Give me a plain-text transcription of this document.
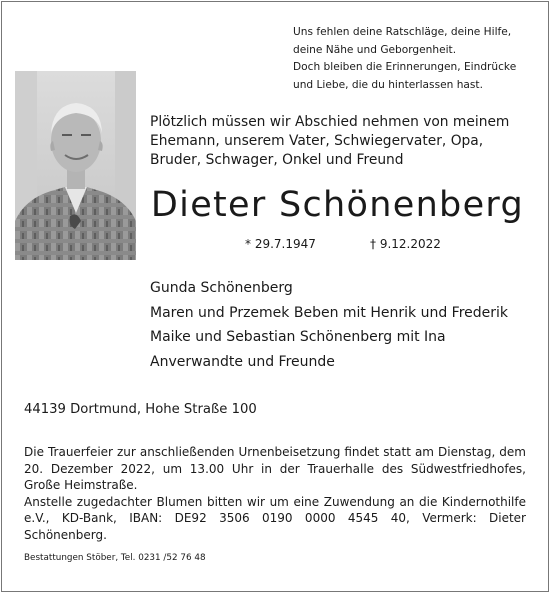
Uns fehlen deine Ratschläge, deine Hilfe,
deine Nähe und Geborgenheit.
Doch bleiben die Erinnerungen, Eindrücke
und Liebe, die du hinterlassen hast.
Plötzlich müssen wir Abschied nehmen von meinem
Ehemann, unserem Vater, Schwiegervater, Opa,
Bruder, Schwager, Onkel und Freund
Dieter Schönenberg
* 29.7.1947	† 9.12.2022
Gunda Schönenberg
Maren und Przemek Beben mit Henrik und Frederik
Maike und Sebastian Schönenberg mit Ina
Anverwandte und Freunde
44139 Dortmund, Hohe Straße 100

Die Trauerfeier zur anschließenden Urnenbeisetzung findet statt am Dienstag, dem 20. Dezember 2022, um 13.00 Uhr in der Trauerhalle des Südwestfriedhofes, Große Heimstraße.

Anstelle zugedachter Blumen bitten wir um eine Zuwendung an die Kindernothilfe e.V., KD-Bank, IBAN: DE92 3506 0190 0000 4545 40, Vermerk: Dieter Schönenberg.

Bestattungen Stöber, Tel. 0231 /52 76 48
